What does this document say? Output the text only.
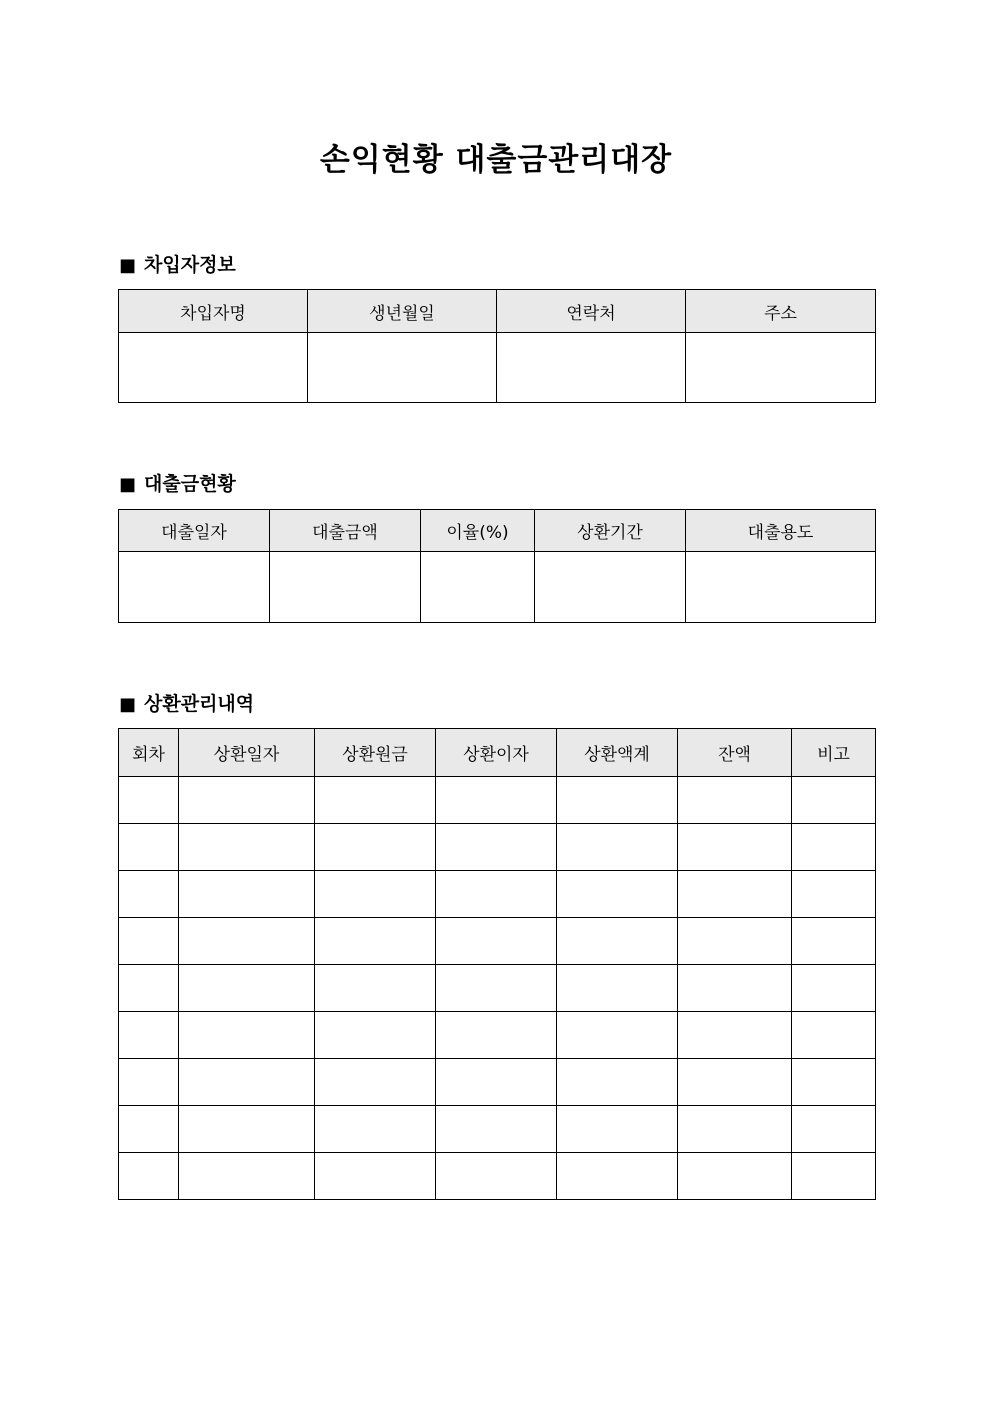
손익현황 대출금관리대장
■ 차입자정보
차입자명	생년월일	연락처	주소

■ 대출금현황
대출일자	대출금액	이율(%)	상환기간	대출용도

■ 상환관리내역
회차	상환일자	상환원금	상환이자	상환액계	잔액	비고
